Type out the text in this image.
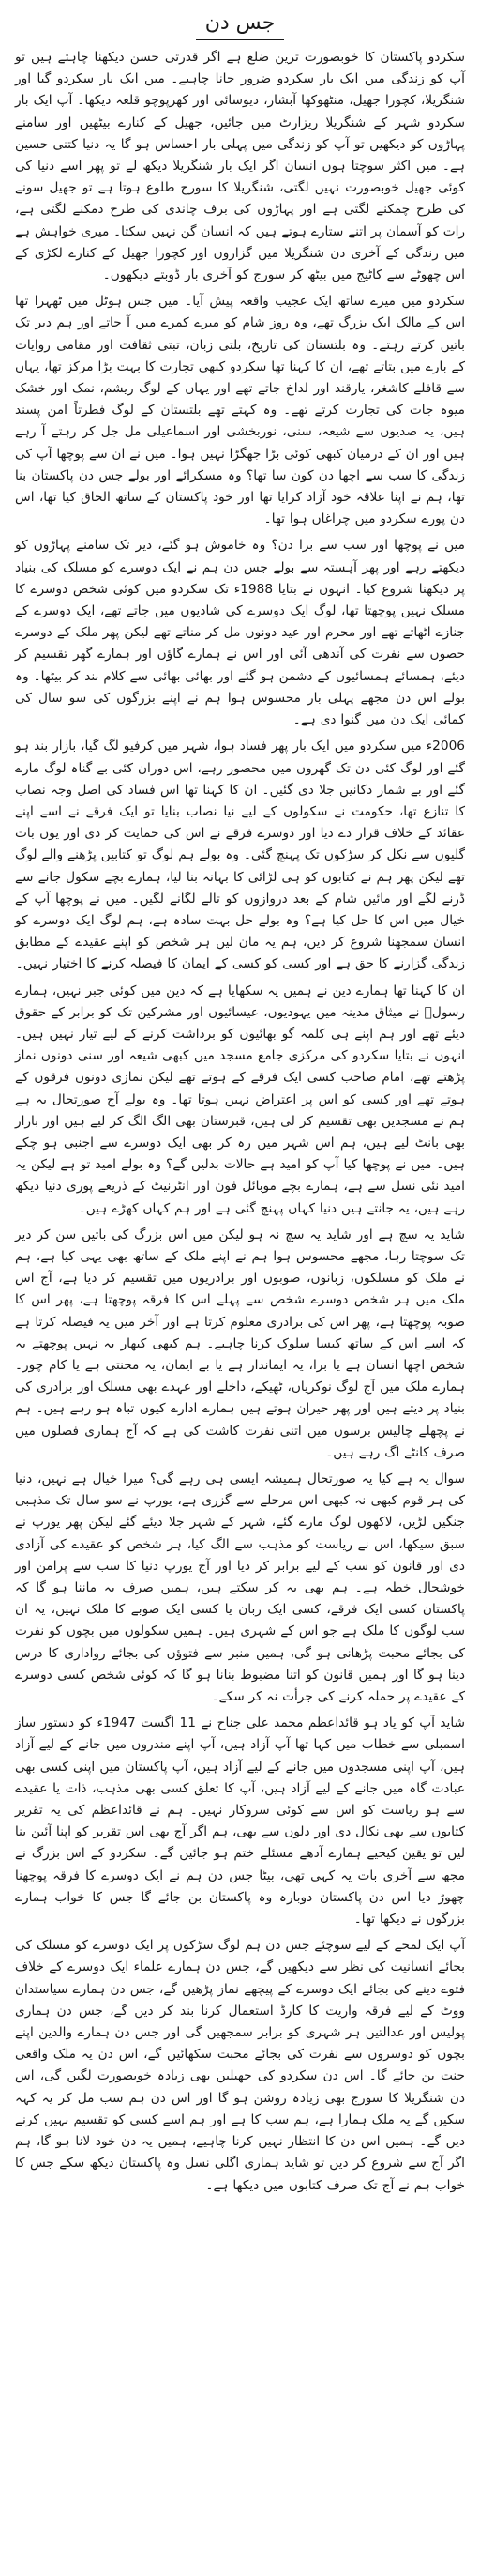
جس دن

سکردو پاکستان کا خوبصورت ترین ضلع ہے اگر قدرتی حسن دیکھنا چاہتے ہیں تو آپ کو زندگی میں ایک بار سکردو ضرور جانا چاہیے۔ میں ایک بار سکردو گیا اور شنگریلا، کچورا جھیل، منٹھوکھا آبشار، دیوسائی اور کھرپوچو قلعہ دیکھا۔ آپ ایک بار سکردو شہر کے شنگریلا ریزارٹ میں جائیں، جھیل کے کنارے بیٹھیں اور سامنے پہاڑوں کو دیکھیں تو آپ کو زندگی میں پہلی بار احساس ہو گا یہ دنیا کتنی حسین ہے۔ میں اکثر سوچتا ہوں انسان اگر ایک بار شنگریلا دیکھ لے تو پھر اسے دنیا کی کوئی جھیل خوبصورت نہیں لگتی، شنگریلا کا سورج طلوع ہوتا ہے تو جھیل سونے کی طرح چمکنے لگتی ہے اور پہاڑوں کی برف چاندی کی طرح دمکنے لگتی ہے، رات کو آسمان پر اتنے ستارے ہوتے ہیں کہ انسان گن نہیں سکتا۔ میری خواہش ہے میں زندگی کے آخری دن شنگریلا میں گزاروں اور کچورا جھیل کے کنارے لکڑی کے اس چھوٹے سے کاٹیج میں بیٹھ کر سورج کو آخری بار ڈوبتے دیکھوں۔

سکردو میں میرے ساتھ ایک عجیب واقعہ پیش آیا۔ میں جس ہوٹل میں ٹھہرا تھا اس کے مالک ایک بزرگ تھے، وہ روز شام کو میرے کمرے میں آ جاتے اور ہم دیر تک باتیں کرتے رہتے۔ وہ بلتستان کی تاریخ، بلتی زبان، تبتی ثقافت اور مقامی روایات کے بارے میں بتاتے تھے، ان کا کہنا تھا سکردو کبھی تجارت کا بہت بڑا مرکز تھا، یہاں سے قافلے کاشغر، یارقند اور لداخ جاتے تھے اور یہاں کے لوگ ریشم، نمک اور خشک میوہ جات کی تجارت کرتے تھے۔ وہ کہتے تھے بلتستان کے لوگ فطرتاً امن پسند ہیں، یہ صدیوں سے شیعہ، سنی، نوربخشی اور اسماعیلی مل جل کر رہتے آ رہے ہیں اور ان کے درمیان کبھی کوئی بڑا جھگڑا نہیں ہوا۔ میں نے ان سے پوچھا آپ کی زندگی کا سب سے اچھا دن کون سا تھا؟ وہ مسکرائے اور بولے جس دن پاکستان بنا تھا، ہم نے اپنا علاقہ خود آزاد کرایا تھا اور خود پاکستان کے ساتھ الحاق کیا تھا، اس دن پورے سکردو میں چراغاں ہوا تھا۔

میں نے پوچھا اور سب سے برا دن؟ وہ خاموش ہو گئے، دیر تک سامنے پہاڑوں کو دیکھتے رہے اور پھر آہستہ سے بولے جس دن ہم نے ایک دوسرے کو مسلک کی بنیاد پر دیکھنا شروع کیا۔ انہوں نے بتایا 1988ء تک سکردو میں کوئی شخص دوسرے کا مسلک نہیں پوچھتا تھا، لوگ ایک دوسرے کی شادیوں میں جاتے تھے، ایک دوسرے کے جنازے اٹھاتے تھے اور محرم اور عید دونوں مل کر مناتے تھے لیکن پھر ملک کے دوسرے حصوں سے نفرت کی آندھی آئی اور اس نے ہمارے گاؤں اور ہمارے گھر تقسیم کر دیئے، ہمسائے ہمسائیوں کے دشمن ہو گئے اور بھائی بھائی سے کلام بند کر بیٹھا۔ وہ بولے اس دن مجھے پہلی بار محسوس ہوا ہم نے اپنے بزرگوں کی سو سال کی کمائی ایک دن میں گنوا دی ہے۔

2006ء میں سکردو میں ایک بار پھر فساد ہوا، شہر میں کرفیو لگ گیا، بازار بند ہو گئے اور لوگ کئی دن تک گھروں میں محصور رہے، اس دوران کئی بے گناہ لوگ مارے گئے اور بے شمار دکانیں جلا دی گئیں۔ ان کا کہنا تھا اس فساد کی اصل وجہ نصاب کا تنازع تھا، حکومت نے سکولوں کے لیے نیا نصاب بنایا تو ایک فرقے نے اسے اپنے عقائد کے خلاف قرار دے دیا اور دوسرے فرقے نے اس کی حمایت کر دی اور یوں بات گلیوں سے نکل کر سڑکوں تک پہنچ گئی۔ وہ بولے ہم لوگ تو کتابیں پڑھنے والے لوگ تھے لیکن پھر ہم نے کتابوں کو ہی لڑائی کا بہانہ بنا لیا، ہمارے بچے سکول جانے سے ڈرنے لگے اور مائیں شام کے بعد دروازوں کو تالے لگانے لگیں۔ میں نے پوچھا آپ کے خیال میں اس کا حل کیا ہے؟ وہ بولے حل بہت سادہ ہے، ہم لوگ ایک دوسرے کو انسان سمجھنا شروع کر دیں، ہم یہ مان لیں ہر شخص کو اپنے عقیدے کے مطابق زندگی گزارنے کا حق ہے اور کسی کو کسی کے ایمان کا فیصلہ کرنے کا اختیار نہیں۔

ان کا کہنا تھا ہمارے دین نے ہمیں یہ سکھایا ہے کہ دین میں کوئی جبر نہیں، ہمارے رسولؐ نے میثاق مدینہ میں یہودیوں، عیسائیوں اور مشرکین تک کو برابر کے حقوق دیئے تھے اور ہم اپنے ہی کلمہ گو بھائیوں کو برداشت کرنے کے لیے تیار نہیں ہیں۔ انہوں نے بتایا سکردو کی مرکزی جامع مسجد میں کبھی شیعہ اور سنی دونوں نماز پڑھتے تھے، امام صاحب کسی ایک فرقے کے ہوتے تھے لیکن نمازی دونوں فرقوں کے ہوتے تھے اور کسی کو اس پر اعتراض نہیں ہوتا تھا۔ وہ بولے آج صورتحال یہ ہے ہم نے مسجدیں بھی تقسیم کر لی ہیں، قبرستان بھی الگ الگ کر لیے ہیں اور بازار بھی بانٹ لیے ہیں، ہم اس شہر میں رہ کر بھی ایک دوسرے سے اجنبی ہو چکے ہیں۔ میں نے پوچھا کیا آپ کو امید ہے حالات بدلیں گے؟ وہ بولے امید تو ہے لیکن یہ امید نئی نسل سے ہے، ہمارے بچے موبائل فون اور انٹرنیٹ کے ذریعے پوری دنیا دیکھ رہے ہیں، یہ جانتے ہیں دنیا کہاں پہنچ گئی ہے اور ہم کہاں کھڑے ہیں۔

شاید یہ سچ ہے اور شاید یہ سچ نہ ہو لیکن میں اس بزرگ کی باتیں سن کر دیر تک سوچتا رہا، مجھے محسوس ہوا ہم نے اپنے ملک کے ساتھ بھی یہی کیا ہے، ہم نے ملک کو مسلکوں، زبانوں، صوبوں اور برادریوں میں تقسیم کر دیا ہے، آج اس ملک میں ہر شخص دوسرے شخص سے پہلے اس کا فرقہ پوچھتا ہے، پھر اس کا صوبہ پوچھتا ہے، پھر اس کی برادری معلوم کرتا ہے اور آخر میں یہ فیصلہ کرتا ہے کہ اسے اس کے ساتھ کیسا سلوک کرنا چاہیے۔ ہم کبھی کبھار یہ نہیں پوچھتے یہ شخص اچھا انسان ہے یا برا، یہ ایماندار ہے یا بے ایمان، یہ محنتی ہے یا کام چور۔ ہمارے ملک میں آج لوگ نوکریاں، ٹھیکے، داخلے اور عہدے بھی مسلک اور برادری کی بنیاد پر دیتے ہیں اور پھر حیران ہوتے ہیں ہمارے ادارے کیوں تباہ ہو رہے ہیں۔ ہم نے پچھلے چالیس برسوں میں اتنی نفرت کاشت کی ہے کہ آج ہماری فصلوں میں صرف کانٹے اگ رہے ہیں۔

سوال یہ ہے کیا یہ صورتحال ہمیشہ ایسی ہی رہے گی؟ میرا خیال ہے نہیں، دنیا کی ہر قوم کبھی نہ کبھی اس مرحلے سے گزری ہے، یورپ نے سو سال تک مذہبی جنگیں لڑیں، لاکھوں لوگ مارے گئے، شہر کے شہر جلا دیئے گئے لیکن پھر یورپ نے سبق سیکھا، اس نے ریاست کو مذہب سے الگ کیا، ہر شخص کو عقیدے کی آزادی دی اور قانون کو سب کے لیے برابر کر دیا اور آج یورپ دنیا کا سب سے پرامن اور خوشحال خطہ ہے۔ ہم بھی یہ کر سکتے ہیں، ہمیں صرف یہ ماننا ہو گا کہ پاکستان کسی ایک فرقے، کسی ایک زبان یا کسی ایک صوبے کا ملک نہیں، یہ ان سب لوگوں کا ملک ہے جو اس کے شہری ہیں۔ ہمیں سکولوں میں بچوں کو نفرت کی بجائے محبت پڑھانی ہو گی، ہمیں منبر سے فتوؤں کی بجائے رواداری کا درس دینا ہو گا اور ہمیں قانون کو اتنا مضبوط بنانا ہو گا کہ کوئی شخص کسی دوسرے کے عقیدے پر حملہ کرنے کی جرأت نہ کر سکے۔

شاید آپ کو یاد ہو قائداعظم محمد علی جناح نے 11 اگست 1947ء کو دستور ساز اسمبلی سے خطاب میں کہا تھا آپ آزاد ہیں، آپ اپنے مندروں میں جانے کے لیے آزاد ہیں، آپ اپنی مسجدوں میں جانے کے لیے آزاد ہیں، آپ پاکستان میں اپنی کسی بھی عبادت گاہ میں جانے کے لیے آزاد ہیں، آپ کا تعلق کسی بھی مذہب، ذات یا عقیدے سے ہو ریاست کو اس سے کوئی سروکار نہیں۔ ہم نے قائداعظم کی یہ تقریر کتابوں سے بھی نکال دی اور دلوں سے بھی، ہم اگر آج بھی اس تقریر کو اپنا آئین بنا لیں تو یقین کیجیے ہمارے آدھے مسئلے ختم ہو جائیں گے۔ سکردو کے اس بزرگ نے مجھ سے آخری بات یہ کہی تھی، بیٹا جس دن ہم نے ایک دوسرے کا فرقہ پوچھنا چھوڑ دیا اس دن پاکستان دوبارہ وہ پاکستان بن جائے گا جس کا خواب ہمارے بزرگوں نے دیکھا تھا۔

آپ ایک لمحے کے لیے سوچئے جس دن ہم لوگ سڑکوں پر ایک دوسرے کو مسلک کی بجائے انسانیت کی نظر سے دیکھیں گے، جس دن ہمارے علماء ایک دوسرے کے خلاف فتوے دینے کی بجائے ایک دوسرے کے پیچھے نماز پڑھیں گے، جس دن ہمارے سیاستدان ووٹ کے لیے فرقہ واریت کا کارڈ استعمال کرنا بند کر دیں گے، جس دن ہماری پولیس اور عدالتیں ہر شہری کو برابر سمجھیں گی اور جس دن ہمارے والدین اپنے بچوں کو دوسروں سے نفرت کی بجائے محبت سکھائیں گے، اس دن یہ ملک واقعی جنت بن جائے گا۔ اس دن سکردو کی جھیلیں بھی زیادہ خوبصورت لگیں گی، اس دن شنگریلا کا سورج بھی زیادہ روشن ہو گا اور اس دن ہم سب مل کر یہ کہہ سکیں گے یہ ملک ہمارا ہے، ہم سب کا ہے اور ہم اسے کسی کو تقسیم نہیں کرنے دیں گے۔ ہمیں اس دن کا انتظار نہیں کرنا چاہیے، ہمیں یہ دن خود لانا ہو گا، ہم اگر آج سے شروع کر دیں تو شاید ہماری اگلی نسل وہ پاکستان دیکھ سکے جس کا خواب ہم نے آج تک صرف کتابوں میں دیکھا ہے۔
